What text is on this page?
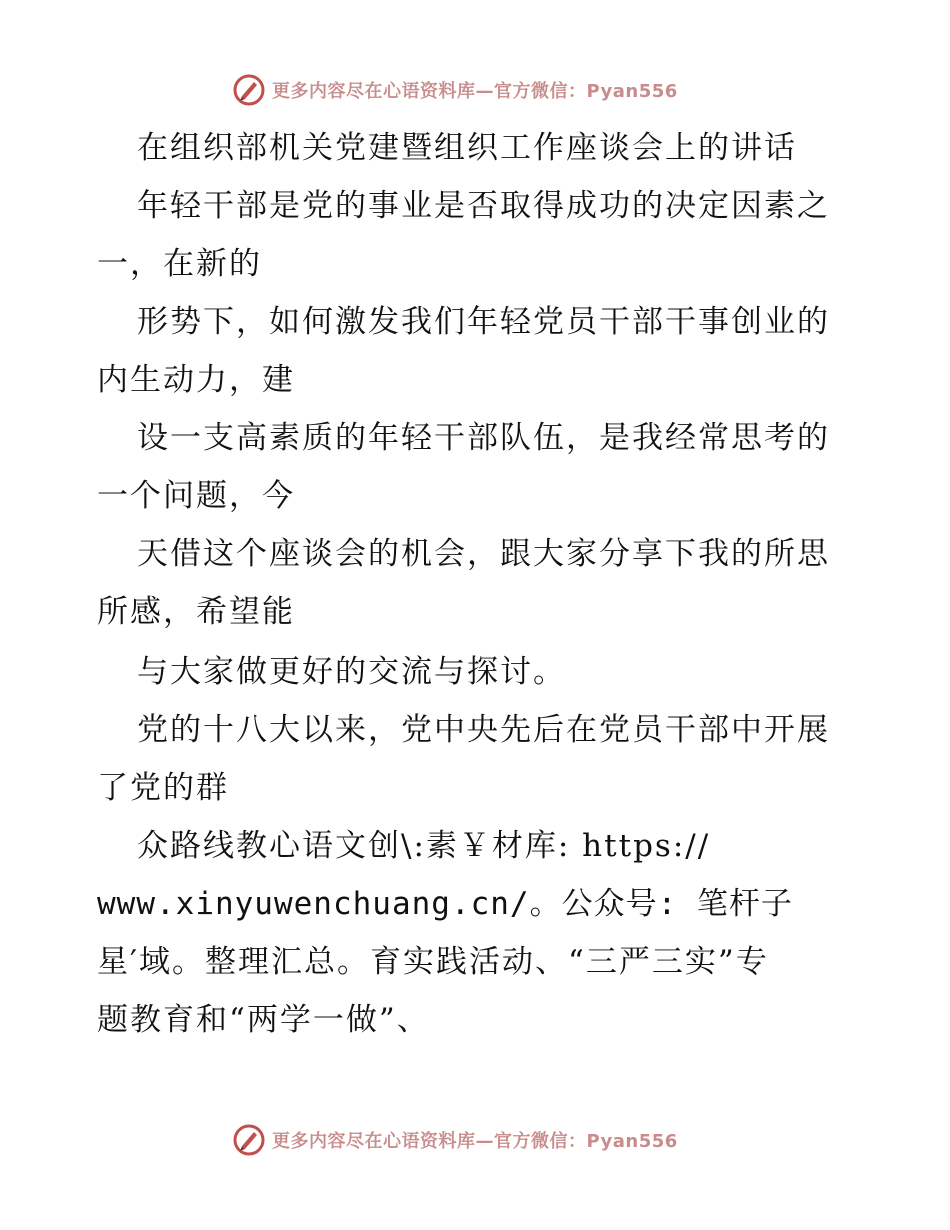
更多内容尽在心语资料库—官方微信：Pyan556
在组织部机关党建暨组织工作座谈会上的讲话
年轻干部是党的事业是否取得成功的决定因素之
一，在新的
形势下，如何激发我们年轻党员干部干事创业的
内生动力，建
设一支高素质的年轻干部队伍，是我经常思考的
一个问题，今
天借这个座谈会的机会，跟大家分享下我的所思
所感，希望能
与大家做更好的交流与探讨。
党的十八大以来，党中央先后在党员干部中开展
了党的群
众路线教心语文创\:素￥材库: https://
www.xinyuwenchuang.cn/。公众号: 笔杆子
星′域。整理汇总。育实践活动、“三严三实”专
题教育和“两学一做”、
更多内容尽在心语资料库—官方微信：Pyan556
